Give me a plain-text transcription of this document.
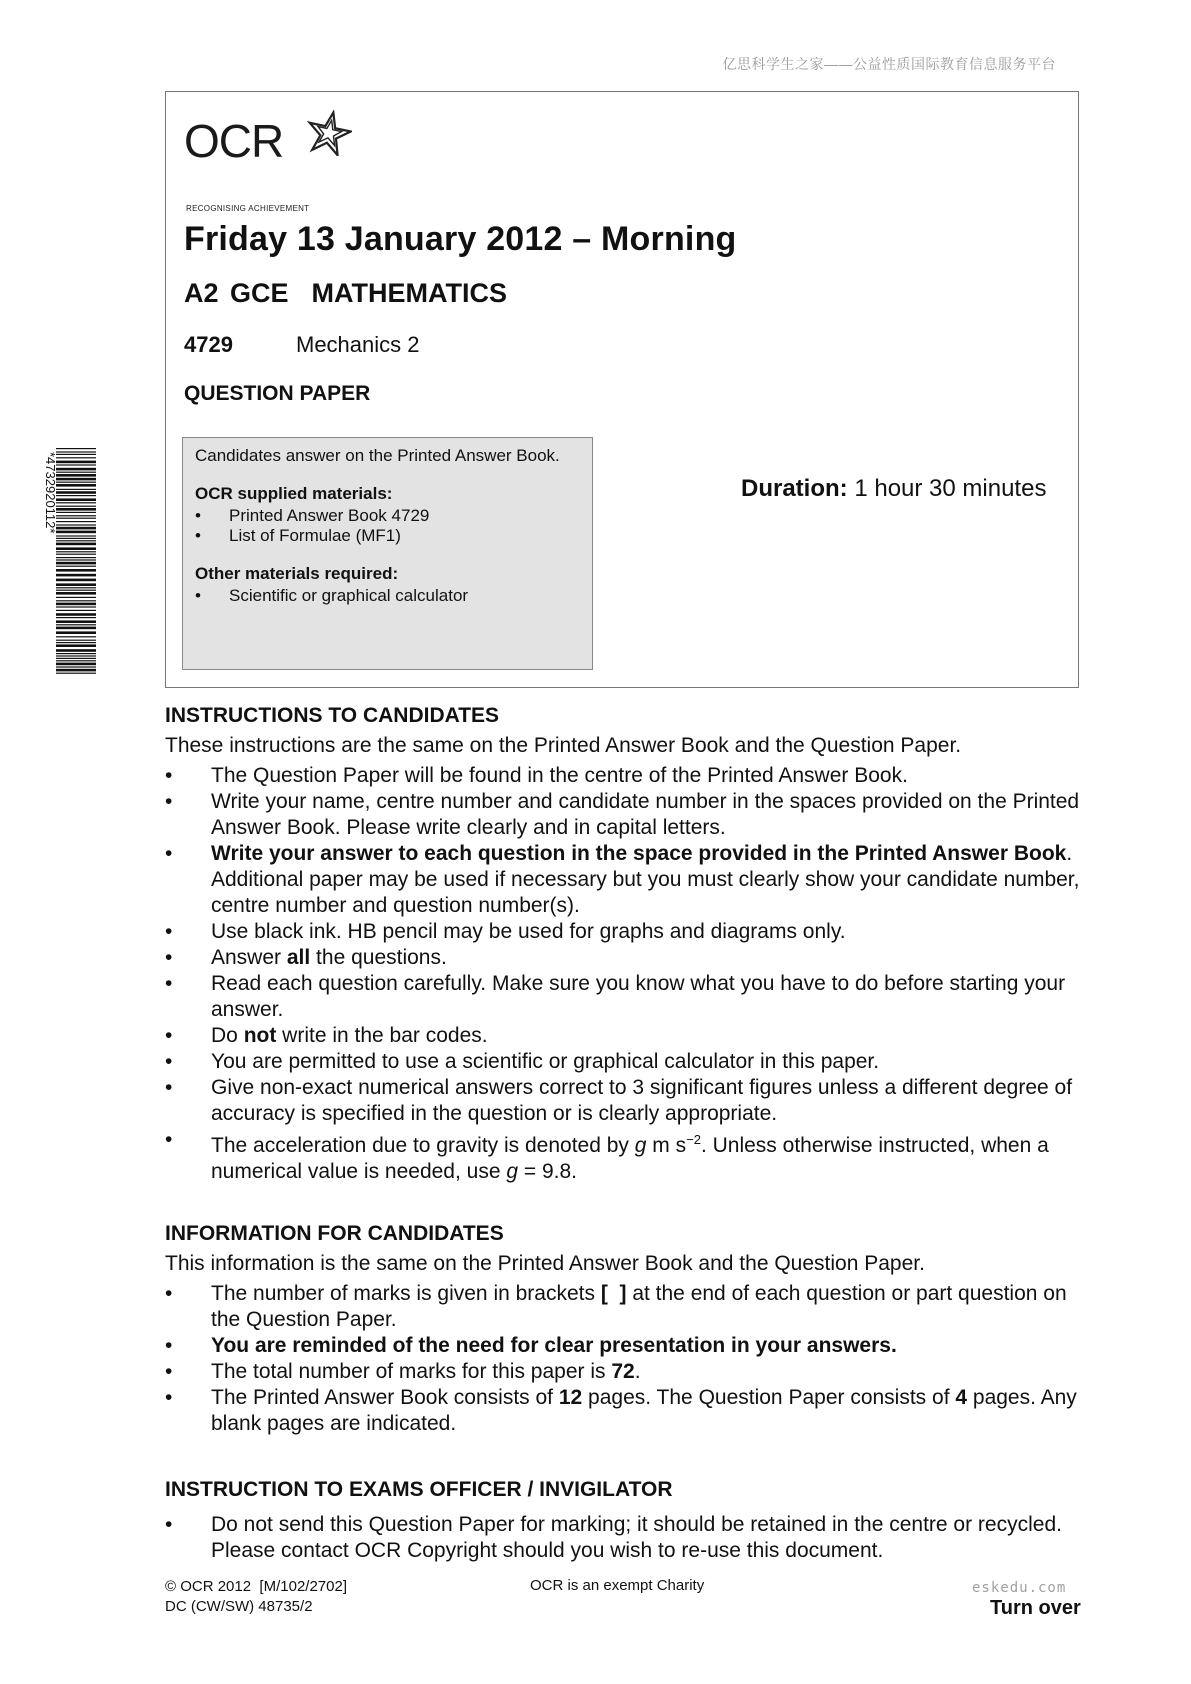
亿思科学生之家——公益性质国际教育信息服务平台
*4732920112*
OCR
RECOGNISING ACHIEVEMENT
Friday 13 January 2012 – Morning
A2 GCE  MATHEMATICS
4729	Mechanics 2
QUESTION PAPER

Candidates answer on the Printed Answer Book.

OCR supplied materials:

• Printed Answer Book 4729
• List of Formulae (MF1)

Other materials required:

• Scientific or graphical calculator
Duration: 1 hour 30 minutes

INSTRUCTIONS TO CANDIDATES

These instructions are the same on the Printed Answer Book and the Question Paper.

• The Question Paper will be found in the centre of the Printed Answer Book.
• Write your name, centre number and candidate number in the spaces provided on the Printed Answer Book. Please write clearly and in capital letters.
• Write your answer to each question in the space provided in the Printed Answer Book. Additional paper may be used if necessary but you must clearly show your candidate number, centre number and question number(s).
• Use black ink. HB pencil may be used for graphs and diagrams only.
• Answer all the questions.
• Read each question carefully. Make sure you know what you have to do before starting your answer.
• Do not write in the bar codes.
• You are permitted to use a scientific or graphical calculator in this paper.
• Give non-exact numerical answers correct to 3 significant figures unless a different degree of accuracy is specified in the question or is clearly appropriate.
• The acceleration due to gravity is denoted by g m $s^{-2}$. Unless otherwise instructed, when a numerical value is needed, use g = 9.8.

INFORMATION FOR CANDIDATES

This information is the same on the Printed Answer Book and the Question Paper.

• The number of marks is given in brackets [  ] at the end of each question or part question on the Question Paper.
• You are reminded of the need for clear presentation in your answers.
• The total number of marks for this paper is 72.
• The Printed Answer Book consists of 12 pages. The Question Paper consists of 4 pages. Any blank pages are indicated.

INSTRUCTION TO EXAMS OFFICER / INVIGILATOR

• Do not send this Question Paper for marking; it should be retained in the centre or recycled. Please contact OCR Copyright should you wish to re-use this document.
© OCR 2012  [M/102/2702]
DC (CW/SW) 48735/2
OCR is an exempt Charity	eskedu.com
Turn over
